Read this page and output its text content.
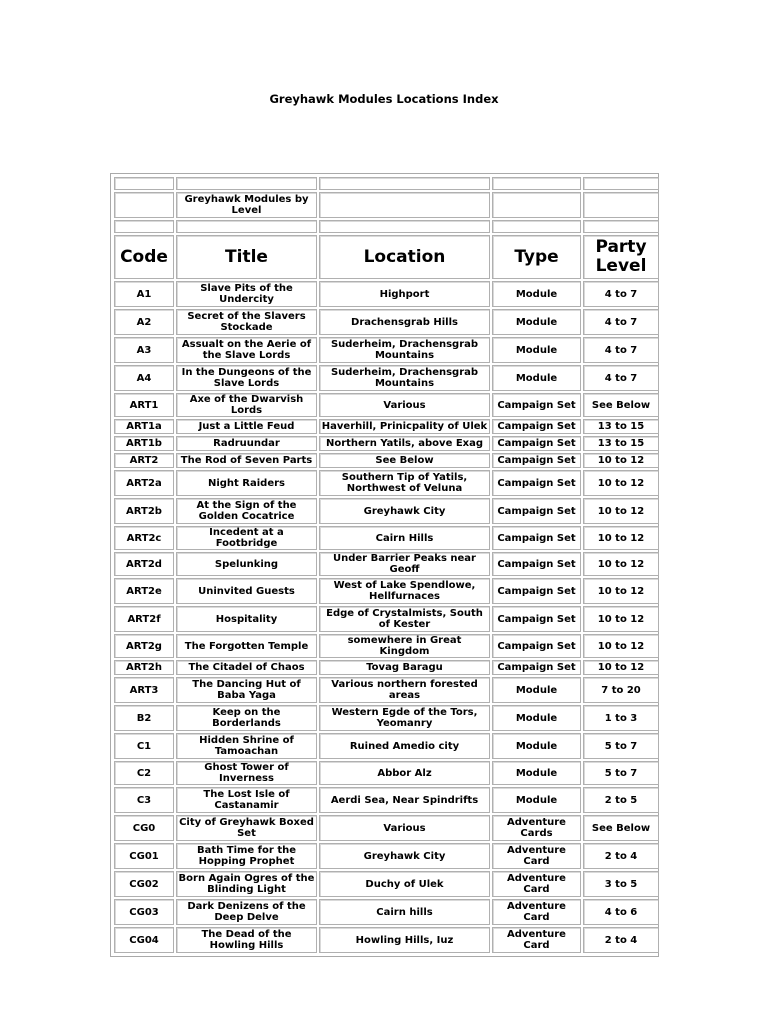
Greyhawk Modules Locations Index

	Greyhawk Modules by Level			

Code	Title	Location	Type	Party Level
A1	Slave Pits of the Undercity	Highport	Module	4 to 7
A2	Secret of the Slavers Stockade	Drachensgrab Hills	Module	4 to 7
A3	Assualt on the Aerie of the Slave Lords	Suderheim, Drachensgrab Mountains	Module	4 to 7
A4	In the Dungeons of the Slave Lords	Suderheim, Drachensgrab Mountains	Module	4 to 7
ART1	Axe of the Dwarvish Lords	Various	Campaign Set	See Below
ART1a	Just a Little Feud	Haverhill, Prinicpality of Ulek	Campaign Set	13 to 15
ART1b	Radruundar	Northern Yatils, above Exag	Campaign Set	13 to 15
ART2	The Rod of Seven Parts	See Below	Campaign Set	10 to 12
ART2a	Night Raiders	Southern Tip of Yatils, Northwest of Veluna	Campaign Set	10 to 12
ART2b	At the Sign of the Golden Cocatrice	Greyhawk City	Campaign Set	10 to 12
ART2c	Incedent at a Footbridge	Cairn Hills	Campaign Set	10 to 12
ART2d	Spelunking	Under Barrier Peaks near Geoff	Campaign Set	10 to 12
ART2e	Uninvited Guests	West of Lake Spendlowe, Hellfurnaces	Campaign Set	10 to 12
ART2f	Hospitality	Edge of Crystalmists, South of Kester	Campaign Set	10 to 12
ART2g	The Forgotten Temple	somewhere in Great Kingdom	Campaign Set	10 to 12
ART2h	The Citadel of Chaos	Tovag Baragu	Campaign Set	10 to 12
ART3	The Dancing Hut of Baba Yaga	Various northern forested areas	Module	7 to 20
B2	Keep on the Borderlands	Western Egde of the Tors, Yeomanry	Module	1 to 3
C1	Hidden Shrine of Tamoachan	Ruined Amedio city	Module	5 to 7
C2	Ghost Tower of Inverness	Abbor Alz	Module	5 to 7
C3	The Lost Isle of Castanamir	Aerdi Sea, Near Spindrifts	Module	2 to 5
CG0	City of Greyhawk Boxed Set	Various	Adventure Cards	See Below
CG01	Bath Time for the Hopping Prophet	Greyhawk City	Adventure Card	2 to 4
CG02	Born Again Ogres of the Blinding Light	Duchy of Ulek	Adventure Card	3 to 5
CG03	Dark Denizens of the Deep Delve	Cairn hills	Adventure Card	4 to 6
CG04	The Dead of the Howling Hills	Howling Hills, Iuz	Adventure Card	2 to 4
